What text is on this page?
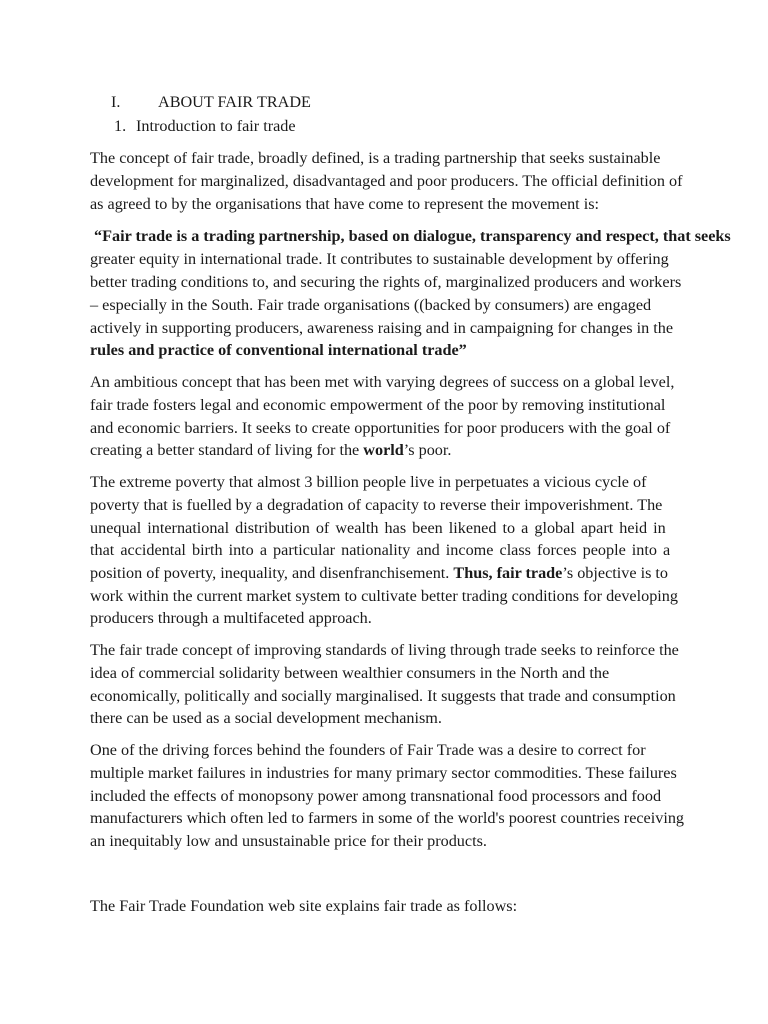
I. ABOUT FAIR TRADE
1. Introduction to fair trade
The concept of fair trade, broadly defined, is a trading partnership that seeks sustainable
development for marginalized, disadvantaged and poor producers. The official definition of
as agreed to by the organisations that have come to represent the movement is:
“Fair trade is a trading partnership, based on dialogue, transparency and respect, that seeks
greater equity in international trade. It contributes to sustainable development by offering
better trading conditions to, and securing the rights of, marginalized producers and workers
– especially in the South. Fair trade organisations ((backed by consumers) are engaged
actively in supporting producers, awareness raising and in campaigning for changes in the
rules and practice of conventional international trade”
An ambitious concept that has been met with varying degrees of success on a global level,
fair trade fosters legal and economic empowerment of the poor by removing institutional
and economic barriers. It seeks to create opportunities for poor producers with the goal of
creating a better standard of living for the world’s poor.
The extreme poverty that almost 3 billion people live in perpetuates a vicious cycle of
poverty that is fuelled by a degradation of capacity to reverse their impoverishment. The
unequal international distribution of wealth has been likened to a global apart heid in
that accidental birth into a particular nationality and income class forces people into a
position of poverty, inequality, and disenfranchisement. Thus, fair trade’s objective is to
work within the current market system to cultivate better trading conditions for developing
producers through a multifaceted approach.
The fair trade concept of improving standards of living through trade seeks to reinforce the
idea of commercial solidarity between wealthier consumers in the North and the
economically, politically and socially marginalised. It suggests that trade and consumption
there can be used as a social development mechanism.
One of the driving forces behind the founders of Fair Trade was a desire to correct for
multiple market failures in industries for many primary sector commodities. These failures
included the effects of monopsony power among transnational food processors and food
manufacturers which often led to farmers in some of the world's poorest countries receiving
an inequitably low and unsustainable price for their products.
The Fair Trade Foundation web site explains fair trade as follows:
